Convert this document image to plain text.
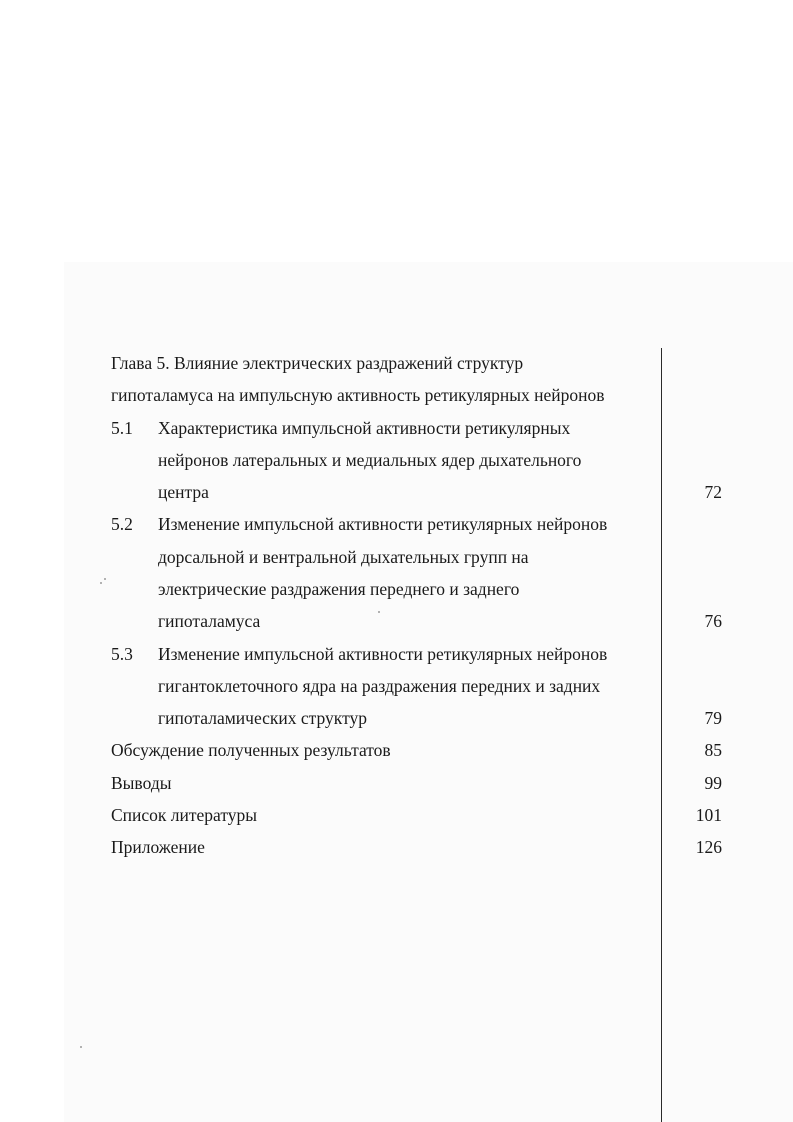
Глава 5. Влияние электрических раздражений структур
гипоталамуса на импульсную активность ретикулярных нейронов
5.1 Характеристика импульсной активности ретикулярных
нейронов латеральных и медиальных ядер дыхательного
центра	72
5.2 Изменение импульсной активности ретикулярных нейронов
дорсальной и вентральной дыхательных групп на
электрические раздражения переднего и заднего
гипоталамуса	76
5.3 Изменение импульсной активности ретикулярных нейронов
гигантоклеточного ядра на раздражения передних и задних
гипоталамических структур	79
Обсуждение полученных результатов	85
Выводы	99
Список литературы	101
Приложение	126
